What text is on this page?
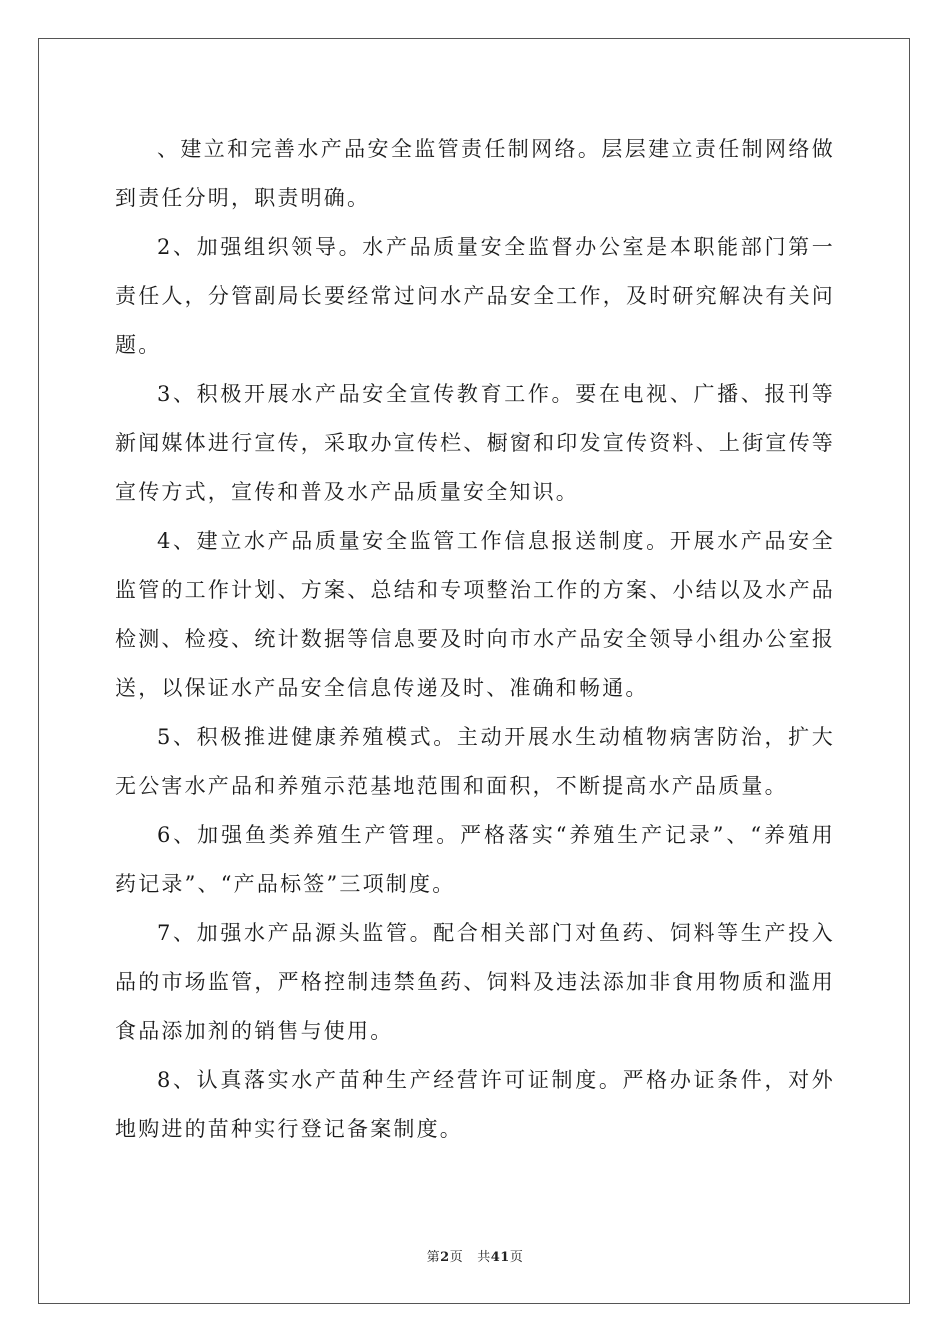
、建立和完善水产品安全监管责任制网络。层层建立责任制网络做到责任分明，职责明确。

2、加强组织领导。水产品质量安全监督办公室是本职能部门第一责任人，分管副局长要经常过问水产品安全工作，及时研究解决有关问题。

3、积极开展水产品安全宣传教育工作。要在电视、广播、报刊等新闻媒体进行宣传，采取办宣传栏、橱窗和印发宣传资料、上街宣传等宣传方式，宣传和普及水产品质量安全知识。

4、建立水产品质量安全监管工作信息报送制度。开展水产品安全监管的工作计划、方案、总结和专项整治工作的方案、小结以及水产品检测、检疫、统计数据等信息要及时向市水产品安全领导小组办公室报送，以保证水产品安全信息传递及时、准确和畅通。

5、积极推进健康养殖模式。主动开展水生动植物病害防治，扩大无公害水产品和养殖示范基地范围和面积，不断提高水产品质量。

6、加强鱼类养殖生产管理。严格落实“养殖生产记录”、“养殖用药记录”、“产品标签”三项制度。

7、加强水产品源头监管。配合相关部门对鱼药、饲料等生产投入品的市场监管，严格控制违禁鱼药、饲料及违法添加非食用物质和滥用食品添加剂的销售与使用。

8、认真落实水产苗种生产经营许可证制度。严格办证条件，对外地购进的苗种实行登记备案制度。

第2页 共41页
